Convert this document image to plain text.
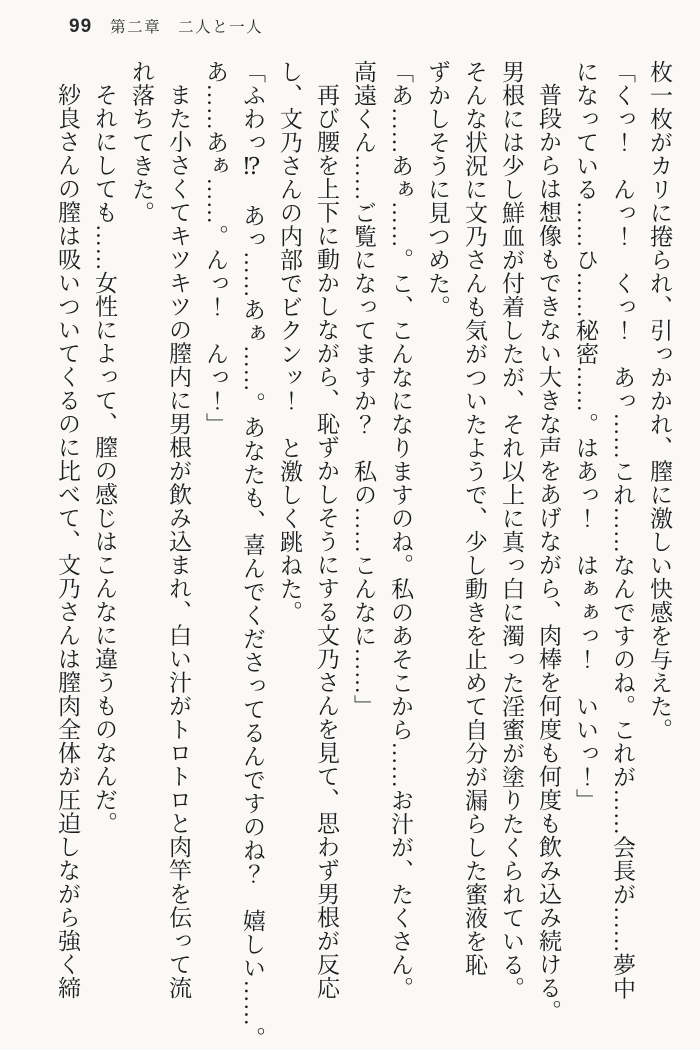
99 第二章　二人と一人

枚一枚がカリに捲られ、引っかかれ、膣に激しい快感を与えた。

「くっ！　んっ！　くっ！　あっ……これ……なんですのね。これが……会長が……夢中

になっている……ひ……秘密……。はあっ！　はぁぁっ！　いいっ！」

普段からは想像もできない大きな声をあげながら、肉棒を何度も何度も飲み込み続ける。

男根には少し鮮血が付着したが、それ以上に真っ白に濁った淫蜜が塗りたくられている。

そんな状況に文乃さんも気がついたようで、少し動きを止めて自分が漏らした蜜液を恥

ずかしそうに見つめた。

「あ……あぁ……。こ、こんなになりますのね。私のあそこから……お汁が、たくさん。

高遠くん……ご覧になってますか？　私の……こんなに……」

再び腰を上下に動かしながら、恥ずかしそうにする文乃さんを見て、思わず男根が反応

し、文乃さんの内部でビクンッ！　と激しく跳ねた。

「ふわっ⁉　あっ……あぁ……。あなたも、喜んでくださってるんですのね？　嬉しい……。

あ……あぁ……。んっ！　んっ！」

また小さくてキツキツの膣内に男根が飲み込まれ、白い汁がトロトロと肉竿を伝って流

れ落ちてきた。

それにしても……女性によって、膣の感じはこんなに違うものなんだ。

紗良さんの膣は吸いついてくるのに比べて、文乃さんは膣肉全体が圧迫しながら強く締
